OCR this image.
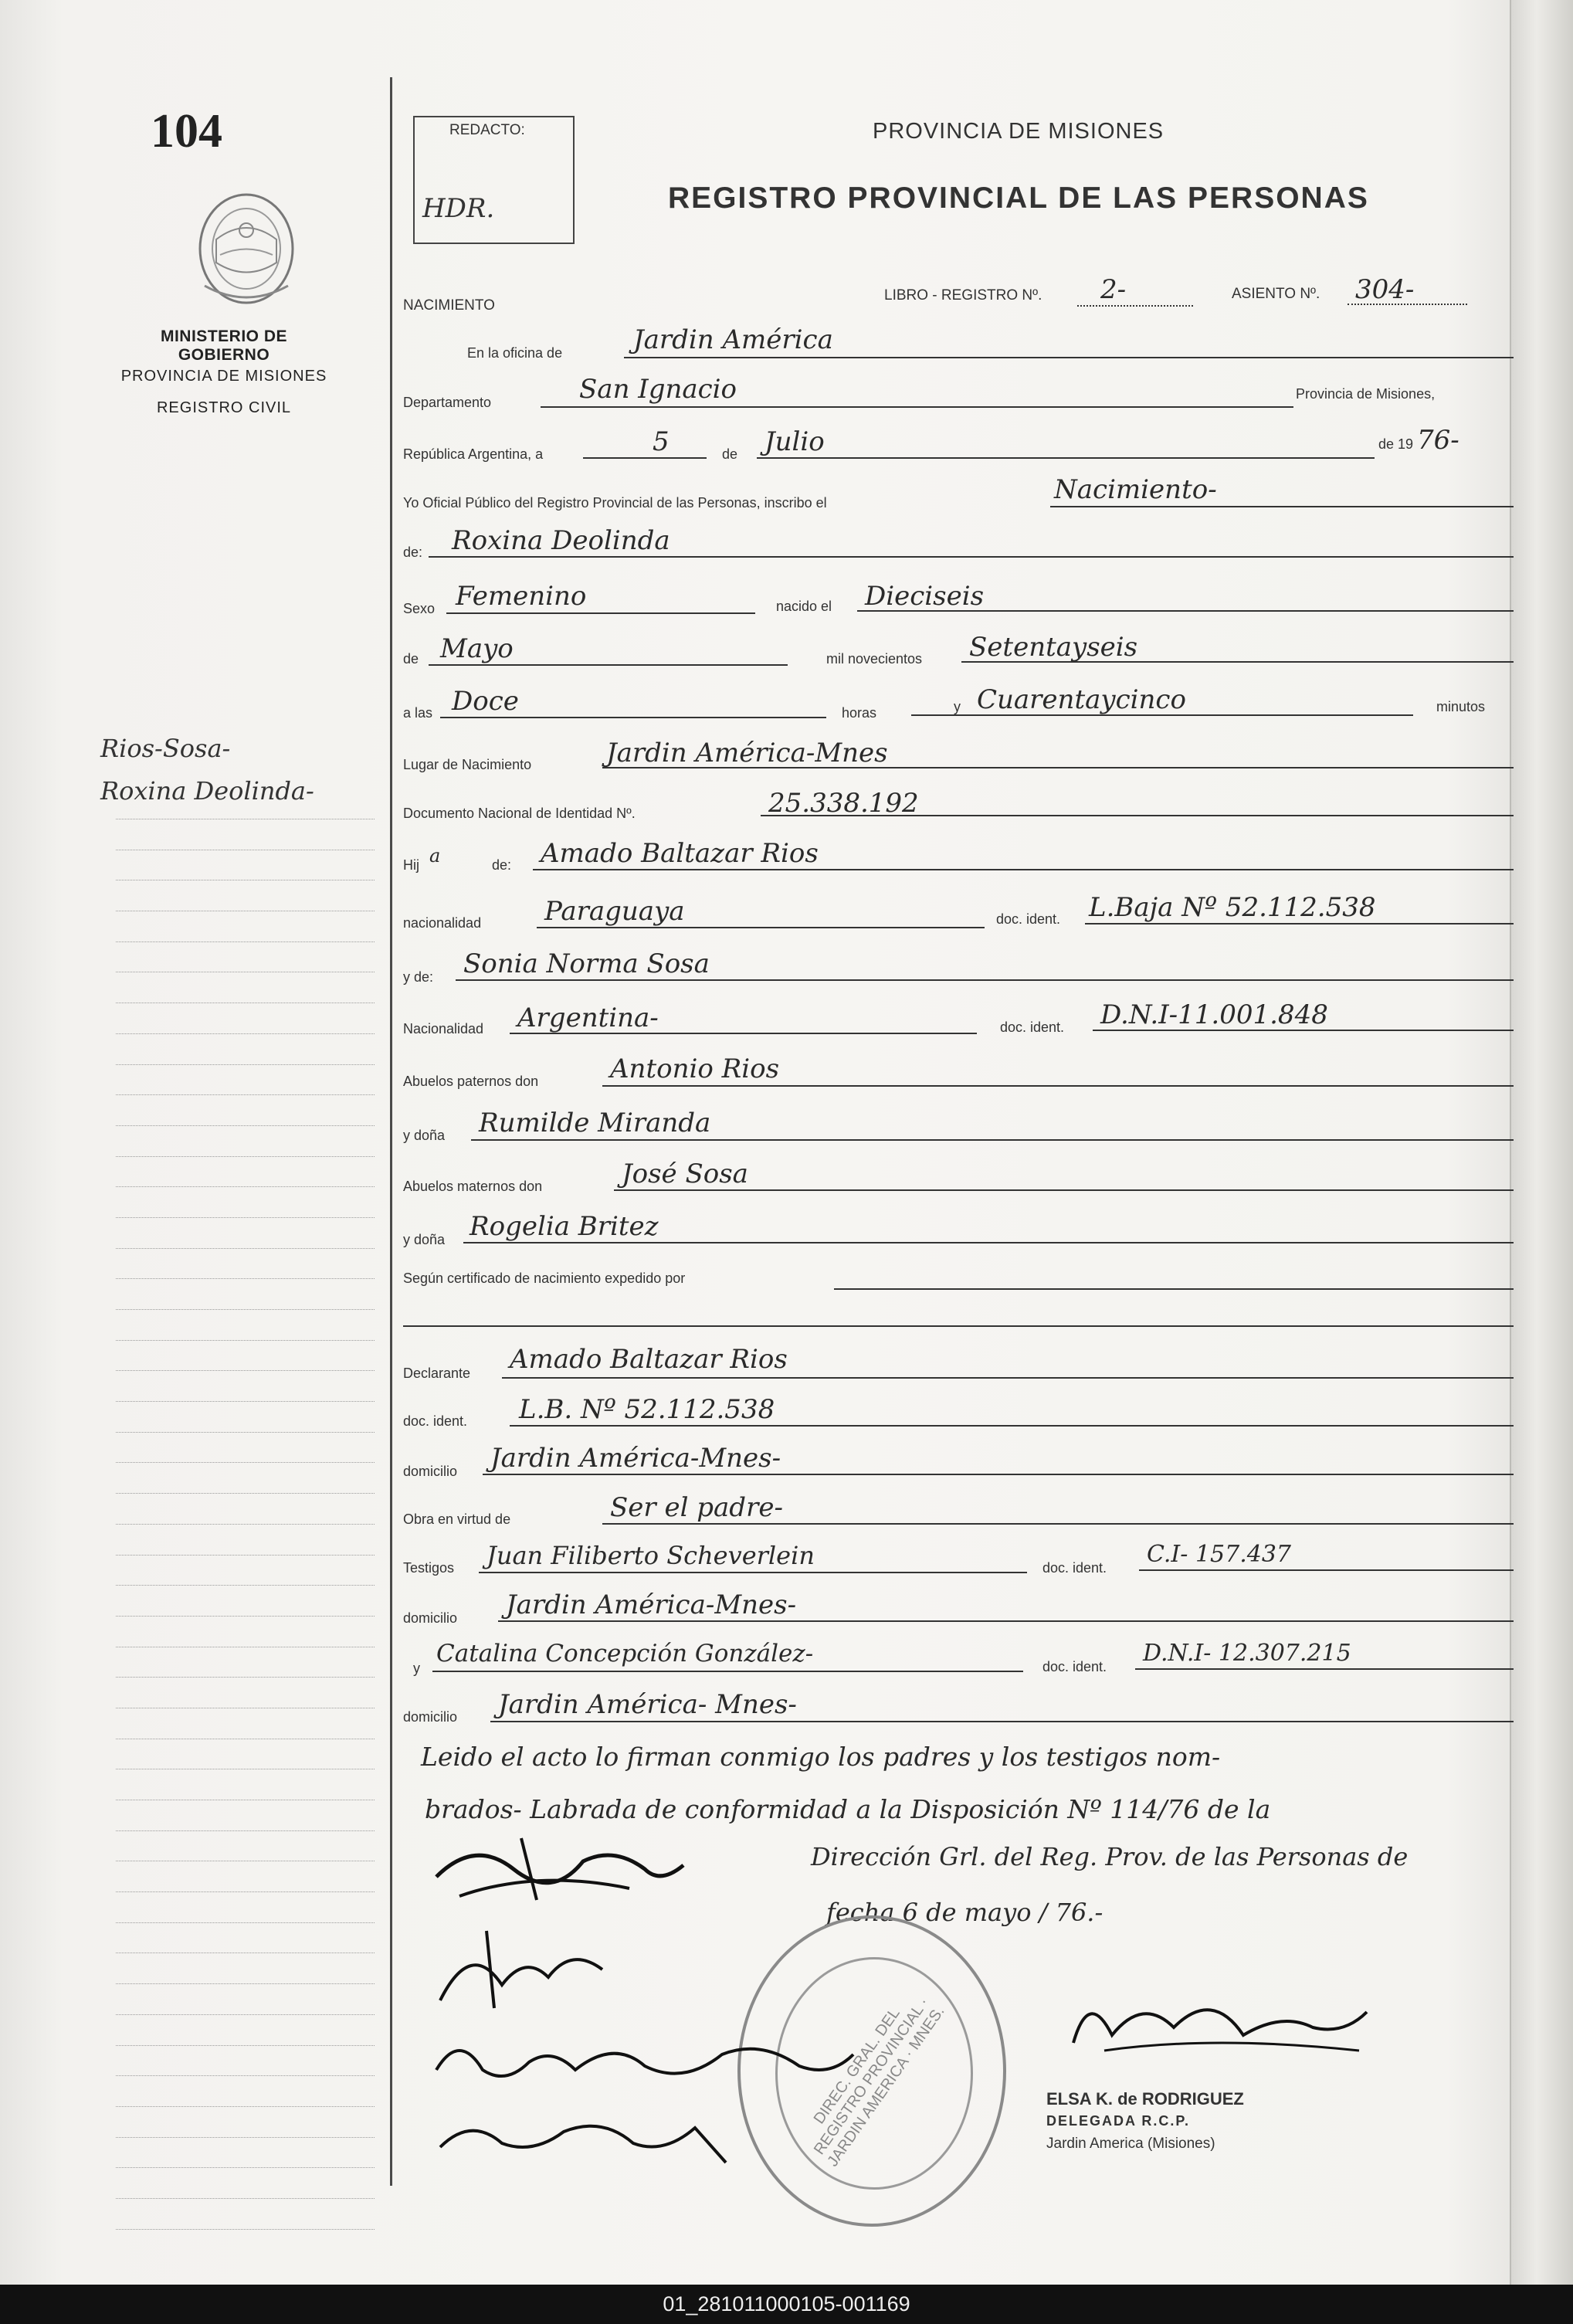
104
MINISTERIO DE GOBIERNO
PROVINCIA DE MISIONES
REGISTRO CIVIL
Rios-Sosa-
Roxina Deolinda-
REDACTO:
HDR.
PROVINCIA DE MISIONES
REGISTRO PROVINCIAL DE LAS PERSONAS
NACIMIENTO
LIBRO - REGISTRO Nº. 2-	ASIENTO Nº. 304-
En la oficina de	Jardin América
Departamento	San Ignacio	Provincia de Misiones,
República Argentina, a	5	de Julio	de 19 76-
Yo Oficial Público del Registro Provincial de las Personas, inscribo el	Nacimiento-
de: Roxina Deolinda
Sexo Femenino	nacido el Dieciseis
de Mayo	mil novecientos Setentayseis
a las Doce	horas	y Cuarentaycinco	minutos
Lugar de Nacimiento	Jardin América-Mnes
Documento Nacional de Identidad Nº.	25.338.192
Hij a	de: Amado Baltazar Rios
nacionalidad Paraguaya	doc. ident. L.Baja Nº 52.112.538
y de: Sonia Norma Sosa
Nacionalidad Argentina-	doc. ident. D.N.I-11.001.848
Abuelos paternos don	Antonio Rios
y doña Rumilde Miranda
Abuelos maternos don	José Sosa
y doña Rogelia Britez
Según certificado de nacimiento expedido por
Declarante Amado Baltazar Rios
doc. ident. L.B. Nº 52.112.538
domicilio Jardin América-Mnes-
Obra en virtud de	Ser el padre-
Testigos Juan Filiberto Scheverlein	doc. ident. C.I- 157.437
domicilio Jardin América-Mnes-
y
Catalina Concepción González-	doc. ident. D.N.I- 12.307.215
domicilio Jardin América- Mnes-
Leido el acto lo firman conmigo los padres y los testigos nom-
brados- Labrada de conformidad a la Disposición Nº 114/76 de la
Dirección Grl. del Reg. Prov. de las Personas de
fecha 6 de mayo / 76.-
DIREC. GRAL. DEL REGISTRO PROVINCIAL · JARDIN AMERICA · MNES.	ELSA K. de RODRIGUEZ
DELEGADA R.C.P.
Jardin America (Misiones)
01_281011000105-001169
